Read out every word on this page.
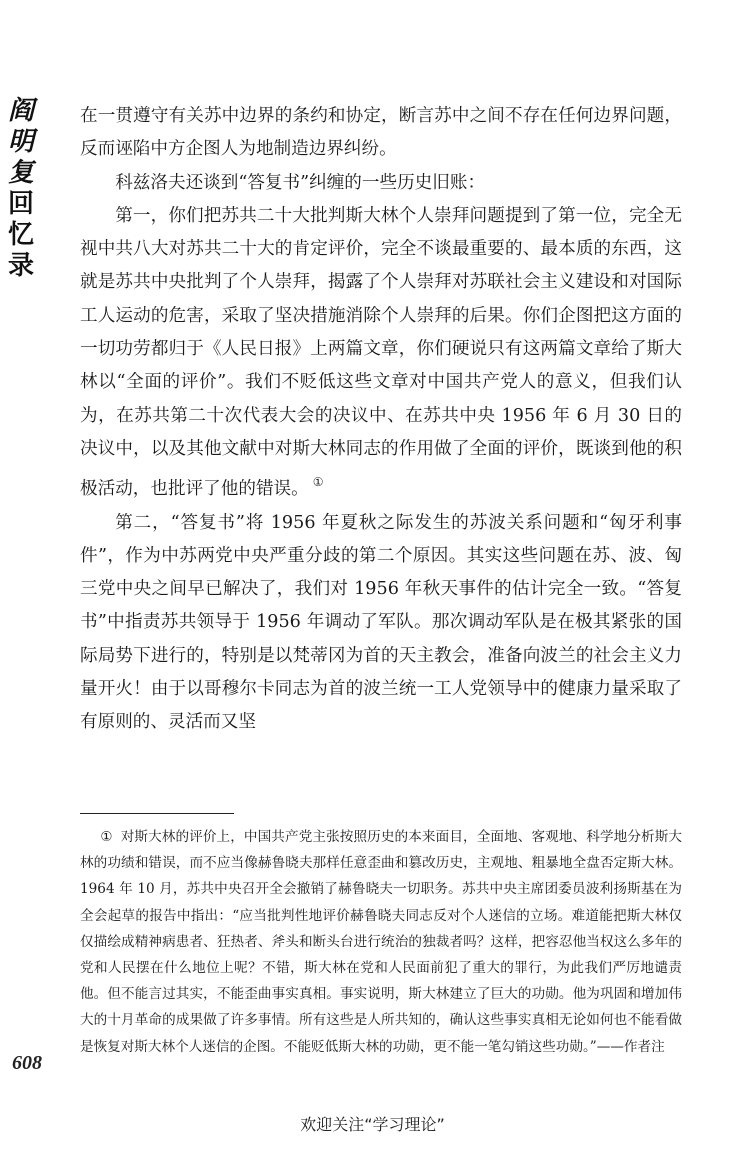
阎
明
复
回
忆
录

在一贯遵守有关苏中边界的条约和协定，断言苏中之间不存在任何边界问题，反而诬陷中方企图人为地制造边界纠纷。

科兹洛夫还谈到“答复书”纠缠的一些历史旧账：

第一，你们把苏共二十大批判斯大林个人崇拜问题提到了第一位，完全无视中共八大对苏共二十大的肯定评价，完全不谈最重要的、最本质的东西，这就是苏共中央批判了个人崇拜，揭露了个人崇拜对苏联社会主义建设和对国际工人运动的危害，采取了坚决措施消除个人崇拜的后果。你们企图把这方面的一切功劳都归于《人民日报》上两篇文章，你们硬说只有这两篇文章给了斯大林以“全面的评价”。我们不贬低这些文章对中国共产党人的意义，但我们认为，在苏共第二十次代表大会的决议中、在苏共中央 1956 年 6 月 30 日的决议中，以及其他文献中对斯大林同志的作用做了全面的评价，既谈到他的积极活动，也批评了他的错误。 ①

第二，“答复书”将 1956 年夏秋之际发生的苏波关系问题和“匈牙利事件”，作为中苏两党中央严重分歧的第二个原因。其实这些问题在苏、波、匈三党中央之间早已解决了，我们对 1956 年秋天事件的估计完全一致。“答复书”中指责苏共领导于 1956 年调动了军队。那次调动军队是在极其紧张的国际局势下进行的，特别是以梵蒂冈为首的天主教会，准备向波兰的社会主义力量开火！由于以哥穆尔卡同志为首的波兰统一工人党领导中的健康力量采取了有原则的、灵活而又坚

① 对斯大林的评价上，中国共产党主张按照历史的本来面目，全面地、客观地、科学地分析斯大林的功绩和错误，而不应当像赫鲁晓夫那样任意歪曲和篡改历史，主观地、粗暴地全盘否定斯大林。1964 年 10 月，苏共中央召开全会撤销了赫鲁晓夫一切职务。苏共中央主席团委员波利扬斯基在为全会起草的报告中指出：“应当批判性地评价赫鲁晓夫同志反对个人迷信的立场。难道能把斯大林仅仅描绘成精神病患者、狂热者、斧头和断头台进行统治的独裁者吗？这样，把容忍他当权这么多年的党和人民摆在什么地位上呢？不错，斯大林在党和人民面前犯了重大的罪行，为此我们严厉地谴责他。但不能言过其实，不能歪曲事实真相。事实说明，斯大林建立了巨大的功勋。他为巩固和增加伟大的十月革命的成果做了许多事情。所有这些是人所共知的，确认这些事实真相无论如何也不能看做是恢复对斯大林个人迷信的企图。不能贬低斯大林的功勋，更不能一笔勾销这些功勋。”——作者注

608
欢迎关注“学习理论”
